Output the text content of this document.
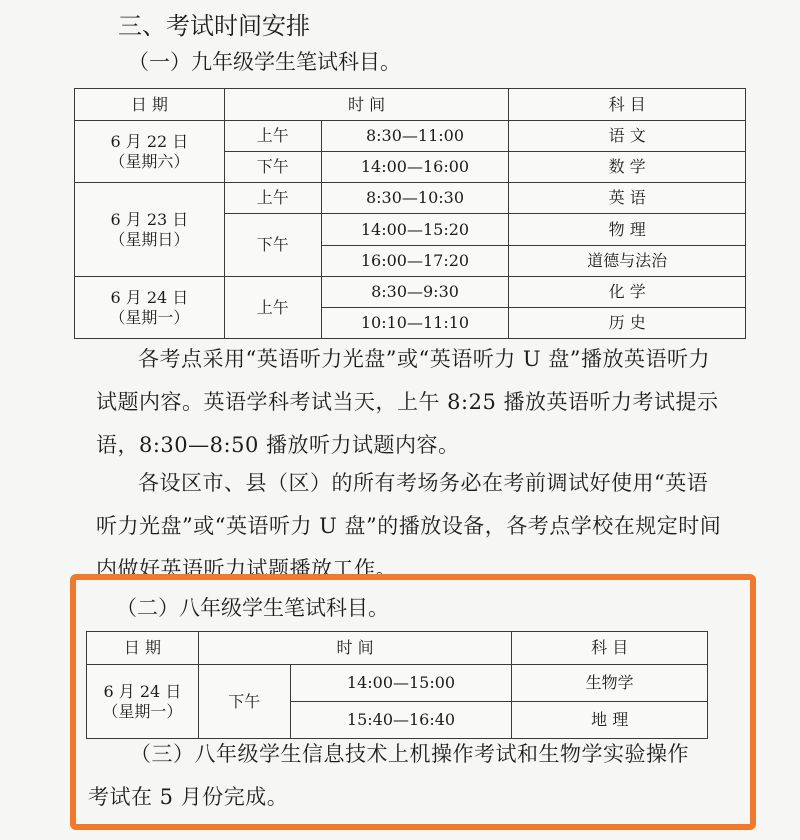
三、考试时间安排
（一）九年级学生笔试科目。
日 期	时 间		科 目
6 月 22 日
（星期六）	上午	8:30—11:00	语 文
	下午	14:00—16:00	数 学
6 月 23 日
（星期日）	上午	8:30—10:30	英 语
	下午	14:00—15:20	物 理
		16:00—17:20	道德与法治
6 月 24 日
（星期一）	上午	8:30—9:30	化 学
		10:10—11:10	历 史
各考点采用“英语听力光盘”或“英语听力 U 盘”播放英语听力
试题内容。英语学科考试当天，上午 8:25 播放英语听力考试提示
语，8:30—8:50 播放听力试题内容。
各设区市、县（区）的所有考场务必在考前调试好使用“英语
听力光盘”或“英语听力 U 盘”的播放设备，各考点学校在规定时间
内做好英语听力试题播放工作。
（二）八年级学生笔试科目。
日 期	时 间		科 目
6 月 24 日
（星期一）	下午	14:00—15:00	生物学
		15:40—16:40	地 理
（三）八年级学生信息技术上机操作考试和生物学实验操作
考试在 5 月份完成。
